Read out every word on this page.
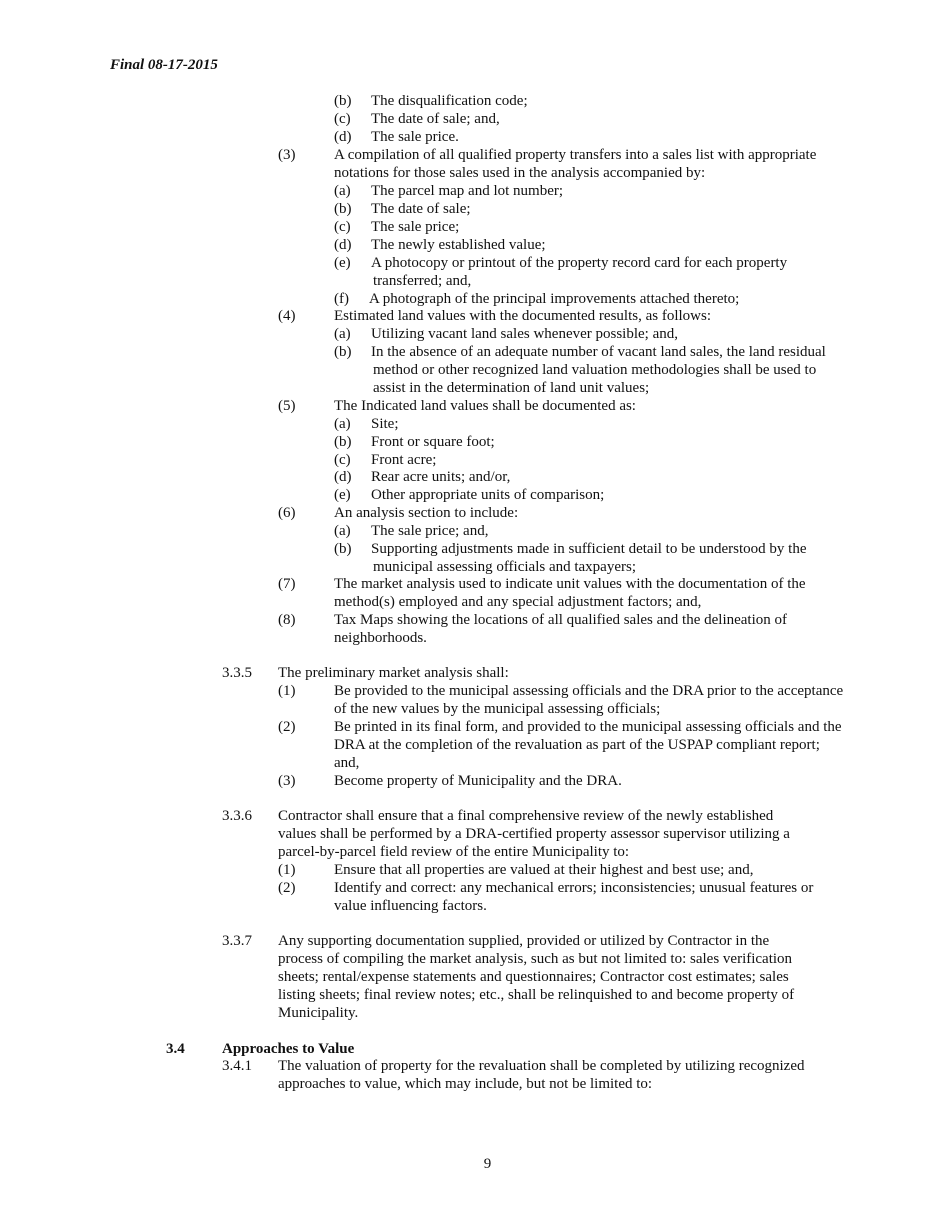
Final 08-17-2015
(b) The disqualification code;
(c) The date of sale; and,
(d) The sale price.
(3)	A compilation of all qualified property transfers into a sales list with appropriate
notations for those sales used in the analysis accompanied by:
(a) The parcel map and lot number;
(b) The date of sale;
(c) The sale price;
(d) The newly established value;
(e) A photocopy or printout of the property record card for each property
transferred; and,
(f) A photograph of the principal improvements attached thereto;
(4)	Estimated land values with the documented results, as follows:
(a) Utilizing vacant land sales whenever possible; and,
(b) In the absence of an adequate number of vacant land sales, the land residual
method or other recognized land valuation methodologies shall be used to
assist in the determination of land unit values;
(5)	The Indicated land values shall be documented as:
(a) Site;
(b) Front or square foot;
(c) Front acre;
(d) Rear acre units; and/or,
(e) Other appropriate units of comparison;
(6)	An analysis section to include:
(a) The sale price; and,
(b) Supporting adjustments made in sufficient detail to be understood by the
municipal assessing officials and taxpayers;
(7)	The market analysis used to indicate unit values with the documentation of the
method(s) employed and any special adjustment factors; and,
(8)	Tax Maps showing the locations of all qualified sales and the delineation of
neighborhoods.
3.3.5 The preliminary market analysis shall:
(1)	Be provided to the municipal assessing officials and the DRA prior to the acceptance
of the new values by the municipal assessing officials;
(2)	Be printed in its final form, and provided to the municipal assessing officials and the
DRA at the completion of the revaluation as part of the USPAP compliant report;
and,
(3)	Become property of Municipality and the DRA.
3.3.6 Contractor shall ensure that a final comprehensive review of the newly established
values shall be performed by a DRA-certified property assessor supervisor utilizing a
parcel-by-parcel field review of the entire Municipality to:
(1)	Ensure that all properties are valued at their highest and best use; and,
(2)	Identify and correct: any mechanical errors; inconsistencies; unusual features or
value influencing factors.
3.3.7 Any supporting documentation supplied, provided or utilized by Contractor in the
process of compiling the market analysis, such as but not limited to: sales verification
sheets; rental/expense statements and questionnaires; Contractor cost estimates; sales
listing sheets; final review notes; etc., shall be relinquished to and become property of
Municipality.
3.4 Approaches to Value
3.4.1 The valuation of property for the revaluation shall be completed by utilizing recognized
approaches to value, which may include, but not be limited to:
9
